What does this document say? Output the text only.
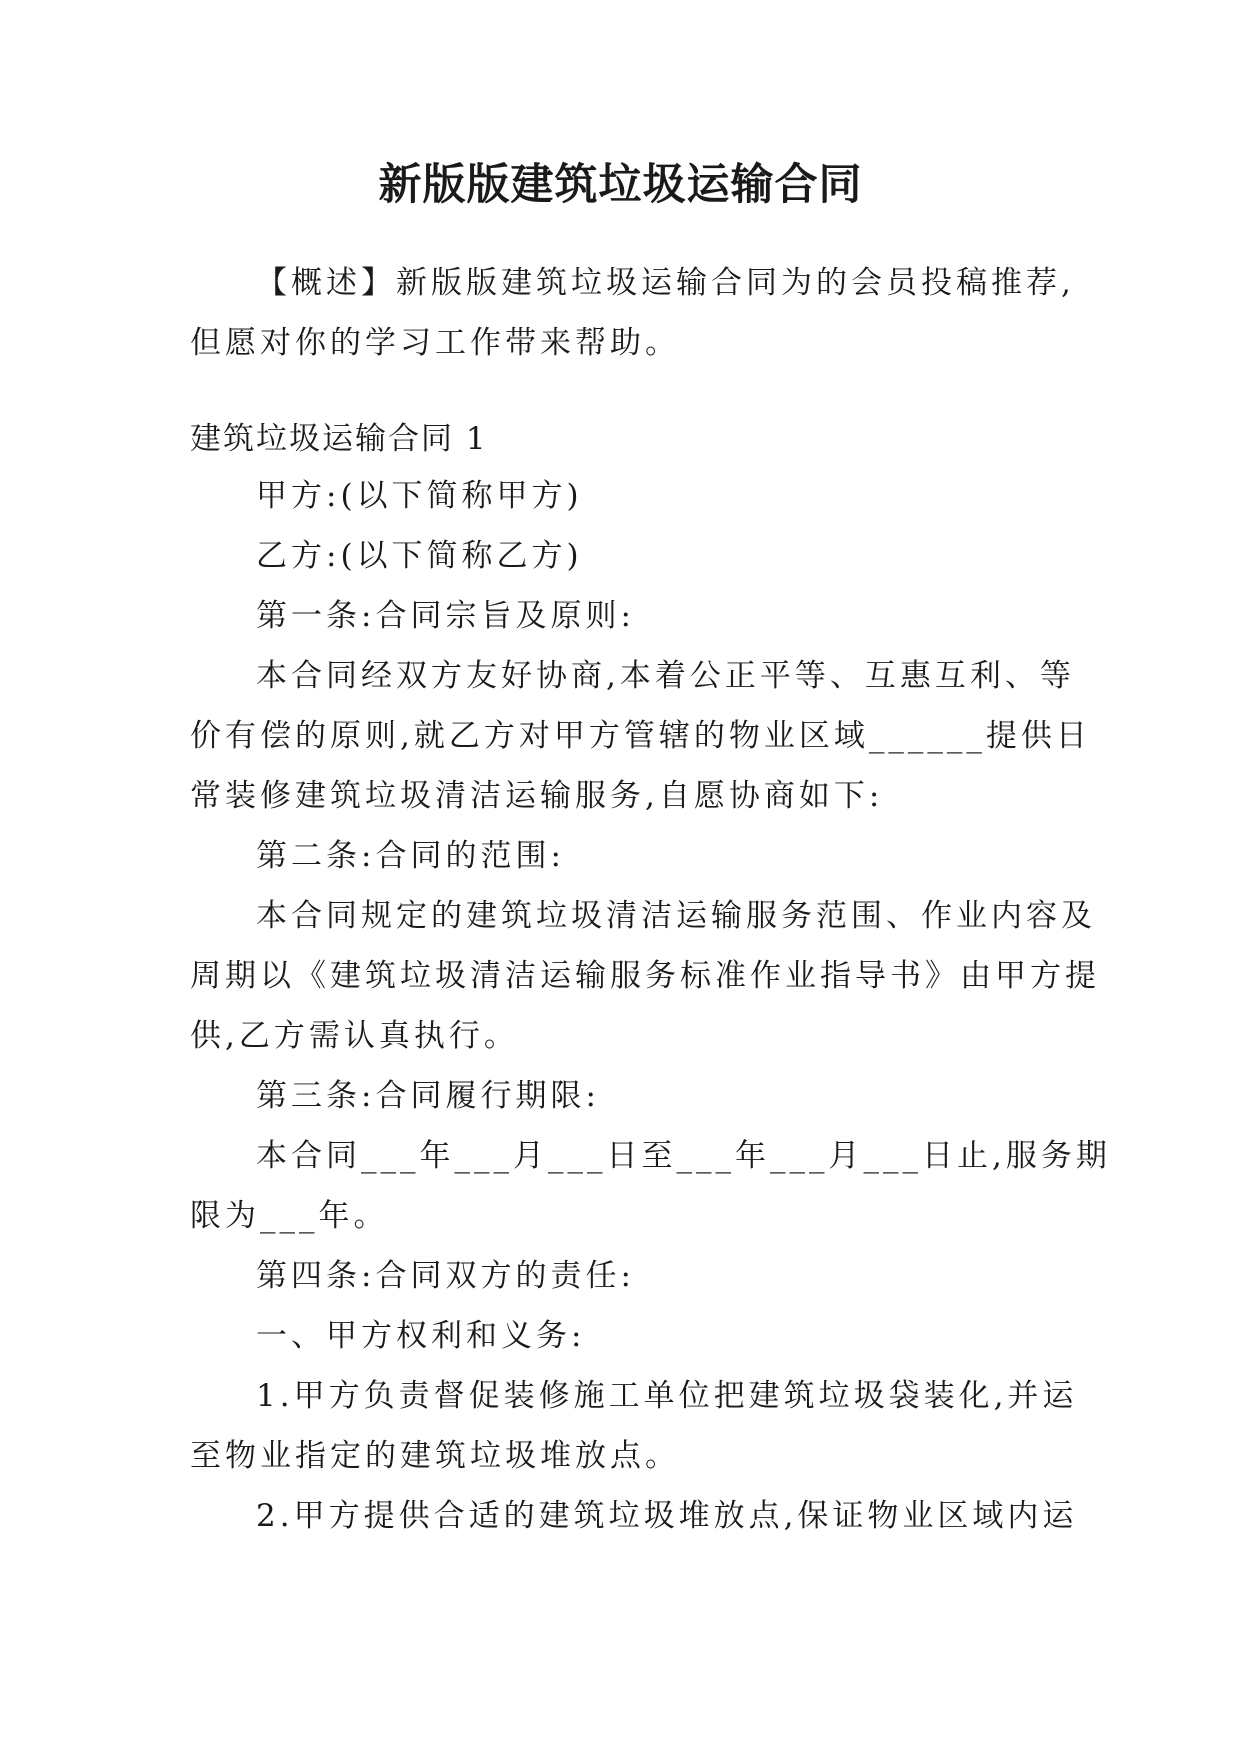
新版版建筑垃圾运输合同
【概述】新版版建筑垃圾运输合同为的会员投稿推荐,
但愿对你的学习工作带来帮助。
建筑垃圾运输合同 1
甲方:(以下简称甲方)
乙方:(以下简称乙方)
第一条:合同宗旨及原则:
本合同经双方友好协商,本着公正平等、互惠互利、等
价有偿的原则,就乙方对甲方管辖的物业区域______提供日
常装修建筑垃圾清洁运输服务,自愿协商如下:
第二条:合同的范围:
本合同规定的建筑垃圾清洁运输服务范围、作业内容及
周期以《建筑垃圾清洁运输服务标准作业指导书》由甲方提
供,乙方需认真执行。
第三条:合同履行期限:
本合同___年___月___日至___年___月___日止,服务期
限为___年。
第四条:合同双方的责任:
一、甲方权利和义务:
1.甲方负责督促装修施工单位把建筑垃圾袋装化,并运
至物业指定的建筑垃圾堆放点。
2.甲方提供合适的建筑垃圾堆放点,保证物业区域内运
